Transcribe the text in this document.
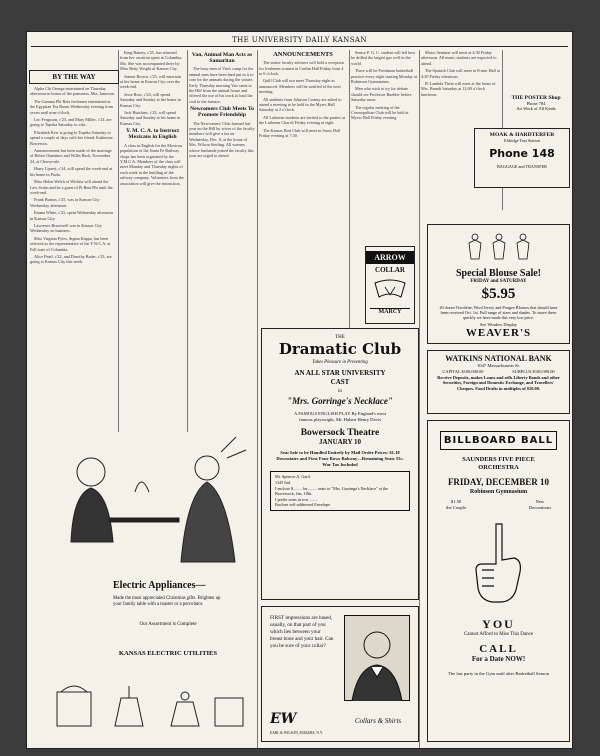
THE UNIVERSITY DAILY KANSAN
BY THE WAY

Alpha Chi Omega entertained on Thursday afternoon in honor of the patroness, Mrs. Jameson.

The Gamma Phi Beta freshmen entertained at the Egyptian Tea Room Wednesday evening from seven until nine o'clock.

Leo Ferguson, c'23, and Mary Miller, c'24, are going to Topeka Saturday to visit.

Elizabeth Kerr is going to Topeka Saturday to spend a couple of days with her friend, Katherine Bowersox.

Announcement has been made of the marriage of Helen Chambers and Willis Beck, November 24, at Cherryvale.

Harry Lipsett, c'24, will spend the week-end at his home in Paola.

Miss Helen Welch of Wichita will attend the Law Scrim and be a guest of Pi Beta Phi until the week-end.

Frank Burton, c'25, was in Kansas City Wednesday afternoon.

Emma White, c'23, spent Wednesday afternoon in Kansas City.

Lawrence Bracewell was in Kansas City Wednesday on business.

Miss Virginia Pyles, Sigma Kappa, has been selected as the representative of the Y.W.C.A. at Fall state of Columbia.

Alice Pearl, c'22, and Dorothy Bader, c'23, are going to Kansas City this week.

King Rainey, c'25, has returned from her vacation spent at Columbia, Mo. She was accompanied there by Miss Betty Wright of Kansas City.

Jeanne Brown, c'25, will entertain at her home in Kansas City over the week-end.

Jesse Ross, c'24, will spend Saturday and Sunday at her home in Kansas City.

Jack Hutchins, c'23, will spend Saturday and Sunday at his home in Kansas City.

Y. M. C. A. to Instruct Mexicans in English

A class in English for the Mexican population of the Santa Fe Railway shops has been organized by the Y.M.C.A. Members of the class will meet Monday and Thursday nights of each week in the building of the railway company. Volunteers from the association will give the instruction.

Van, Animal Man Acts as Samaritan

The busy men of Van's camp for the animal men have been hard put to it to care for the animals during the winter. Early Thursday morning Van came to the Hill from the animal house and offered the use of his truck to haul the coal to the furnace.

Newcomers Club Meets To Promote Friendship

The Newcomers' Club formed last year on the Hill by wives of the faculty members will give a tea on Wednesday, Dec. 8, at the home of Mrs. Wilson Sterling. All women whose husbands joined the faculty this year are urged to attend.

ANNOUNCEMENTS

The senior faculty advisers will hold a reception for freshmen women in Corbin Hall Friday from 4 to 6 o'clock.

Quill Club will not meet Thursday night as announced. Members will be notified of the next meeting.

All students from Johnson County are asked to attend a meeting to be held in the Myers Hall Saturday at 2 o'clock.

All Lutheran students are invited to the parties at the Lutheran Church Friday evening at eight.

The Kansas Bird Club will meet in Snow Hall Friday evening at 7:30.

Senior P. G. C. student will tell how he drilled the largest gas well in the world.

There will be Freshman basketball practice every night starting Monday at Robinson Gymnasium.

Men who wish to try for debate should see Professor Buehler before Saturday noon.

The regular meeting of the Cosmopolitan Club will be held at Myers Hall Friday evening.

Music Seminar will meet at 4:30 Friday afternoon. All music students are expected to attend.

The Spanish Club will meet in Fraser Hall at 4:30 Friday afternoon.

Pi Lambda Theta will meet at the home of Mrs. Brandt Saturday at 12:00 o'clock luncheon.

THE POSTER Shop
Phone 784
Art Work of All Kinds
MOAK & HARDTERFER
Eldridge Taxi Station
Phone 148
BAGGAGE and TRANSFER
ARROW
COLLAR
MARCY
Special Blouse Sale!
FRIDAY and SATURDAY
$5.95
20 dozen Tricolette, Wool Jersey and Pongee Blouses that should have been received Oct. 1st. Full range of sizes and shades. To move these quickly we have made this very low price.
See Window Display
WEAVER'S
WATKINS NATIONAL BANK
1047 Massachusetts St.
CAPITAL $100,000.00	SURPLUS $100,000.00
Receive Deposits, makes Loans and sells Liberty Bonds and other Securities, Foreign and Domestic Exchange, and Travellers' Cheques. Food Drafts in multiples of $10.00.
THE
Dramatic Club
Takes Pleasure in Presenting
AN ALL STAR UNIVERSITY CAST
in
"Mrs. Gorringe's Necklace"
A FAMOUS ENGLISH PLAY By England's most famous playwright, Mr. Hubert Henry Davis
Bowersock Theatre
JANUARY 10
Seat Sale to be Handled Entirely by Mail Order Prices: $1.10 Downstairs and First Four Rows Balcony—Remaining Seats 55c. War Tax Included
Mr. Spencer A. Gard
1145 Ind.
I enclose $........ for ........ seats to "Mrs. Gorringe's Necklace" at the Bowersock, Jan. 10th.
I prefer seats in row ........
Enclose self-addressed Envelope
BILLBOARD BALL
SAUNDERS FIVE PIECE ORCHESTRA
FRIDAY, DECEMBER 10
Robinson Gymnasium
$1.50
the Couple
New
Decorations
YOU
Cannot Afford to Miss This Dance
CALL
For a Date NOW!
The last party in the Gym until after Basketball Season
Electric Appliances—
Made the most appreciated Christmas gifts. Brighten up your family table with a toaster or a percolator.
Our Assortment is Complete
KANSAS ELECTRIC UTILITIES
FIRST impressions are based, usually, on that part of you which lies between your breast bone and your hair. Can you be sure of your collar?
EW	Collars & Shirts
EARL & WILSON, MAKERS, N.Y.
